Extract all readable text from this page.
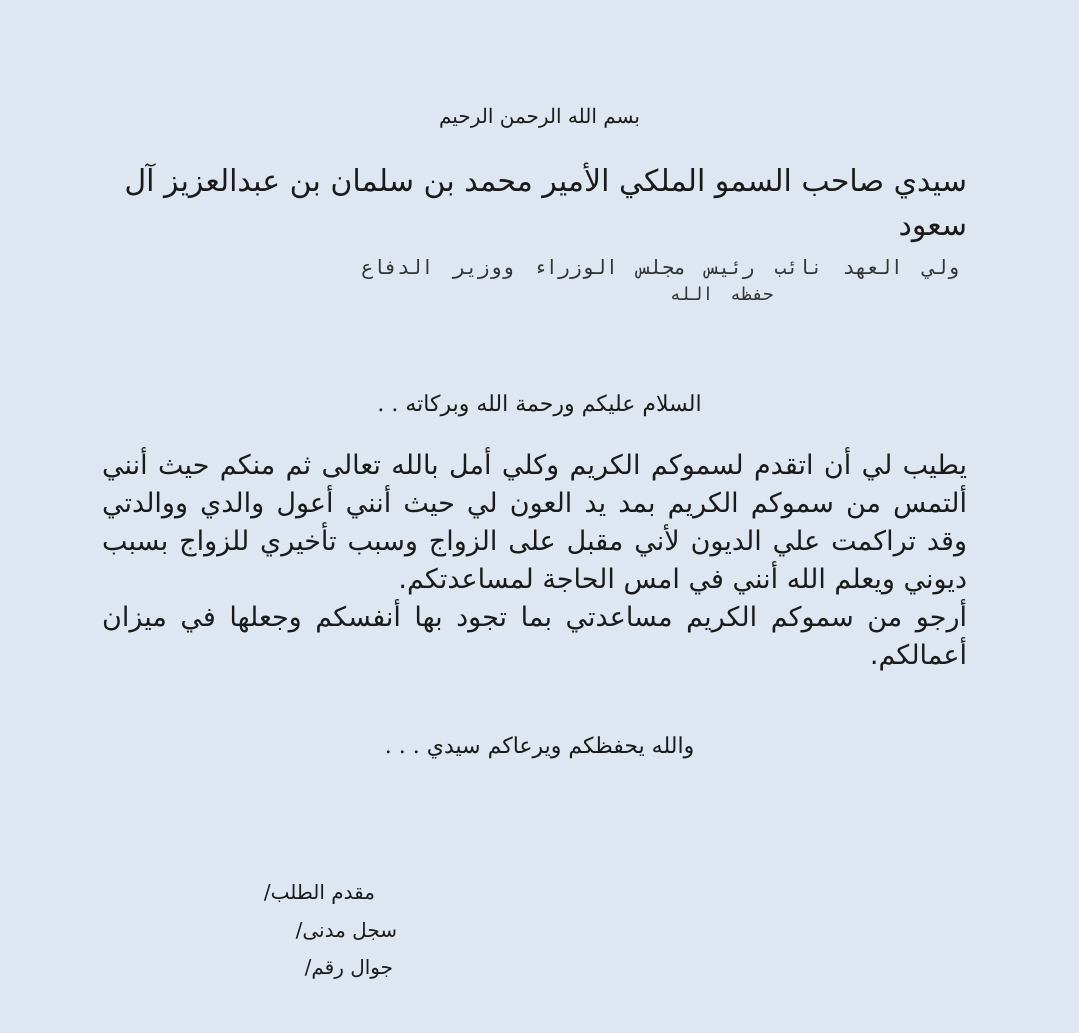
بسم الله الرحمن الرحيم
سيدي صاحب السمو الملكي الأمير محمد بن سلمان بن عبدالعزيز آل سعود
ولي العهد نائب رئيس مجلس الوزراء ووزير الدفاع
حفظه الله
السلام عليكم ورحمة الله وبركاته . .

يطيب لي أن اتقدم لسموكم الكريم وكلي أمل بالله تعالى ثم منكم حيث أنني ألتمس من سموكم الكريم بمد يد العون لي حيث أنني أعول والدي ووالدتي وقد تراكمت علي الديون لأني مقبل على الزواج وسبب تأخيري للزواج بسبب ديوني ويعلم الله أنني في امس الحاجة لمساعدتكم.

أرجو من سموكم الكريم مساعدتي بما تجود بها أنفسكم وجعلها في ميزان أعمالكم.

والله يحفظكم ويرعاكم سيدي . . .
مقدم الطلب/
سجل مدنى/
جوال رقم/
